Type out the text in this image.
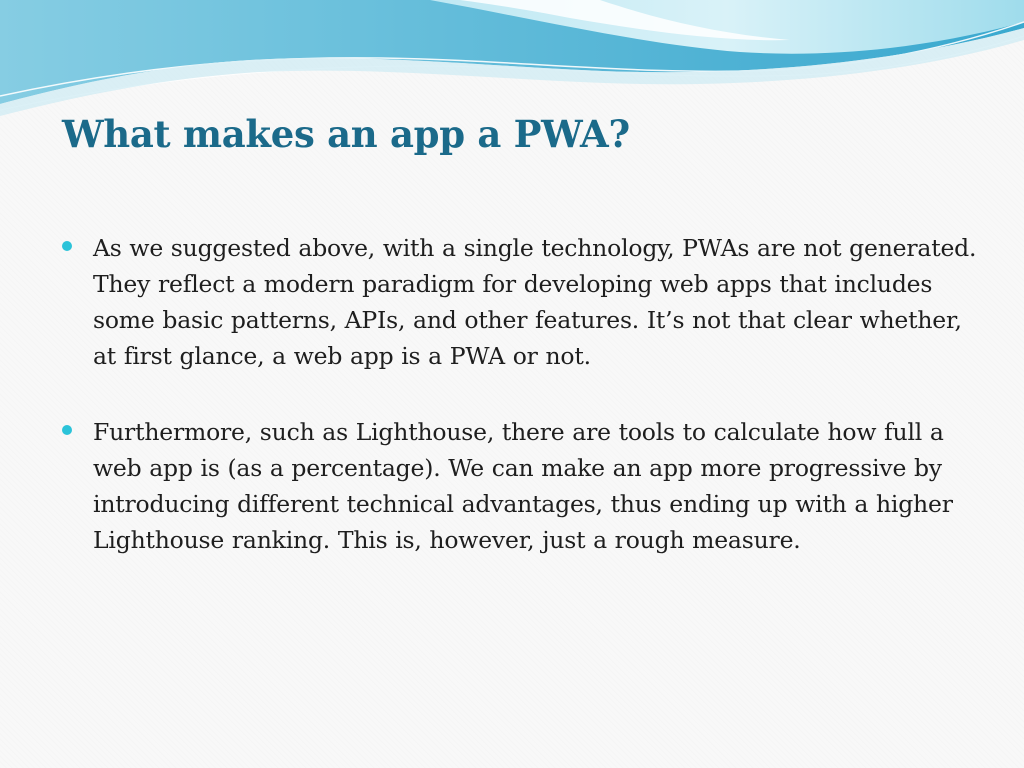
What makes an app a PWA?
As we suggested above, with a single technology, PWAs are not generated. They reflect a modern paradigm for developing web apps that includes some basic patterns, APIs, and other features. It’s not that clear whether, at first glance, a web app is a PWA or not.
Furthermore, such as Lighthouse, there are tools to calculate how full a web app is (as a percentage). We can make an app more progressive by introducing different technical advantages, thus ending up with a higher Lighthouse ranking. This is, however, just a rough measure.
